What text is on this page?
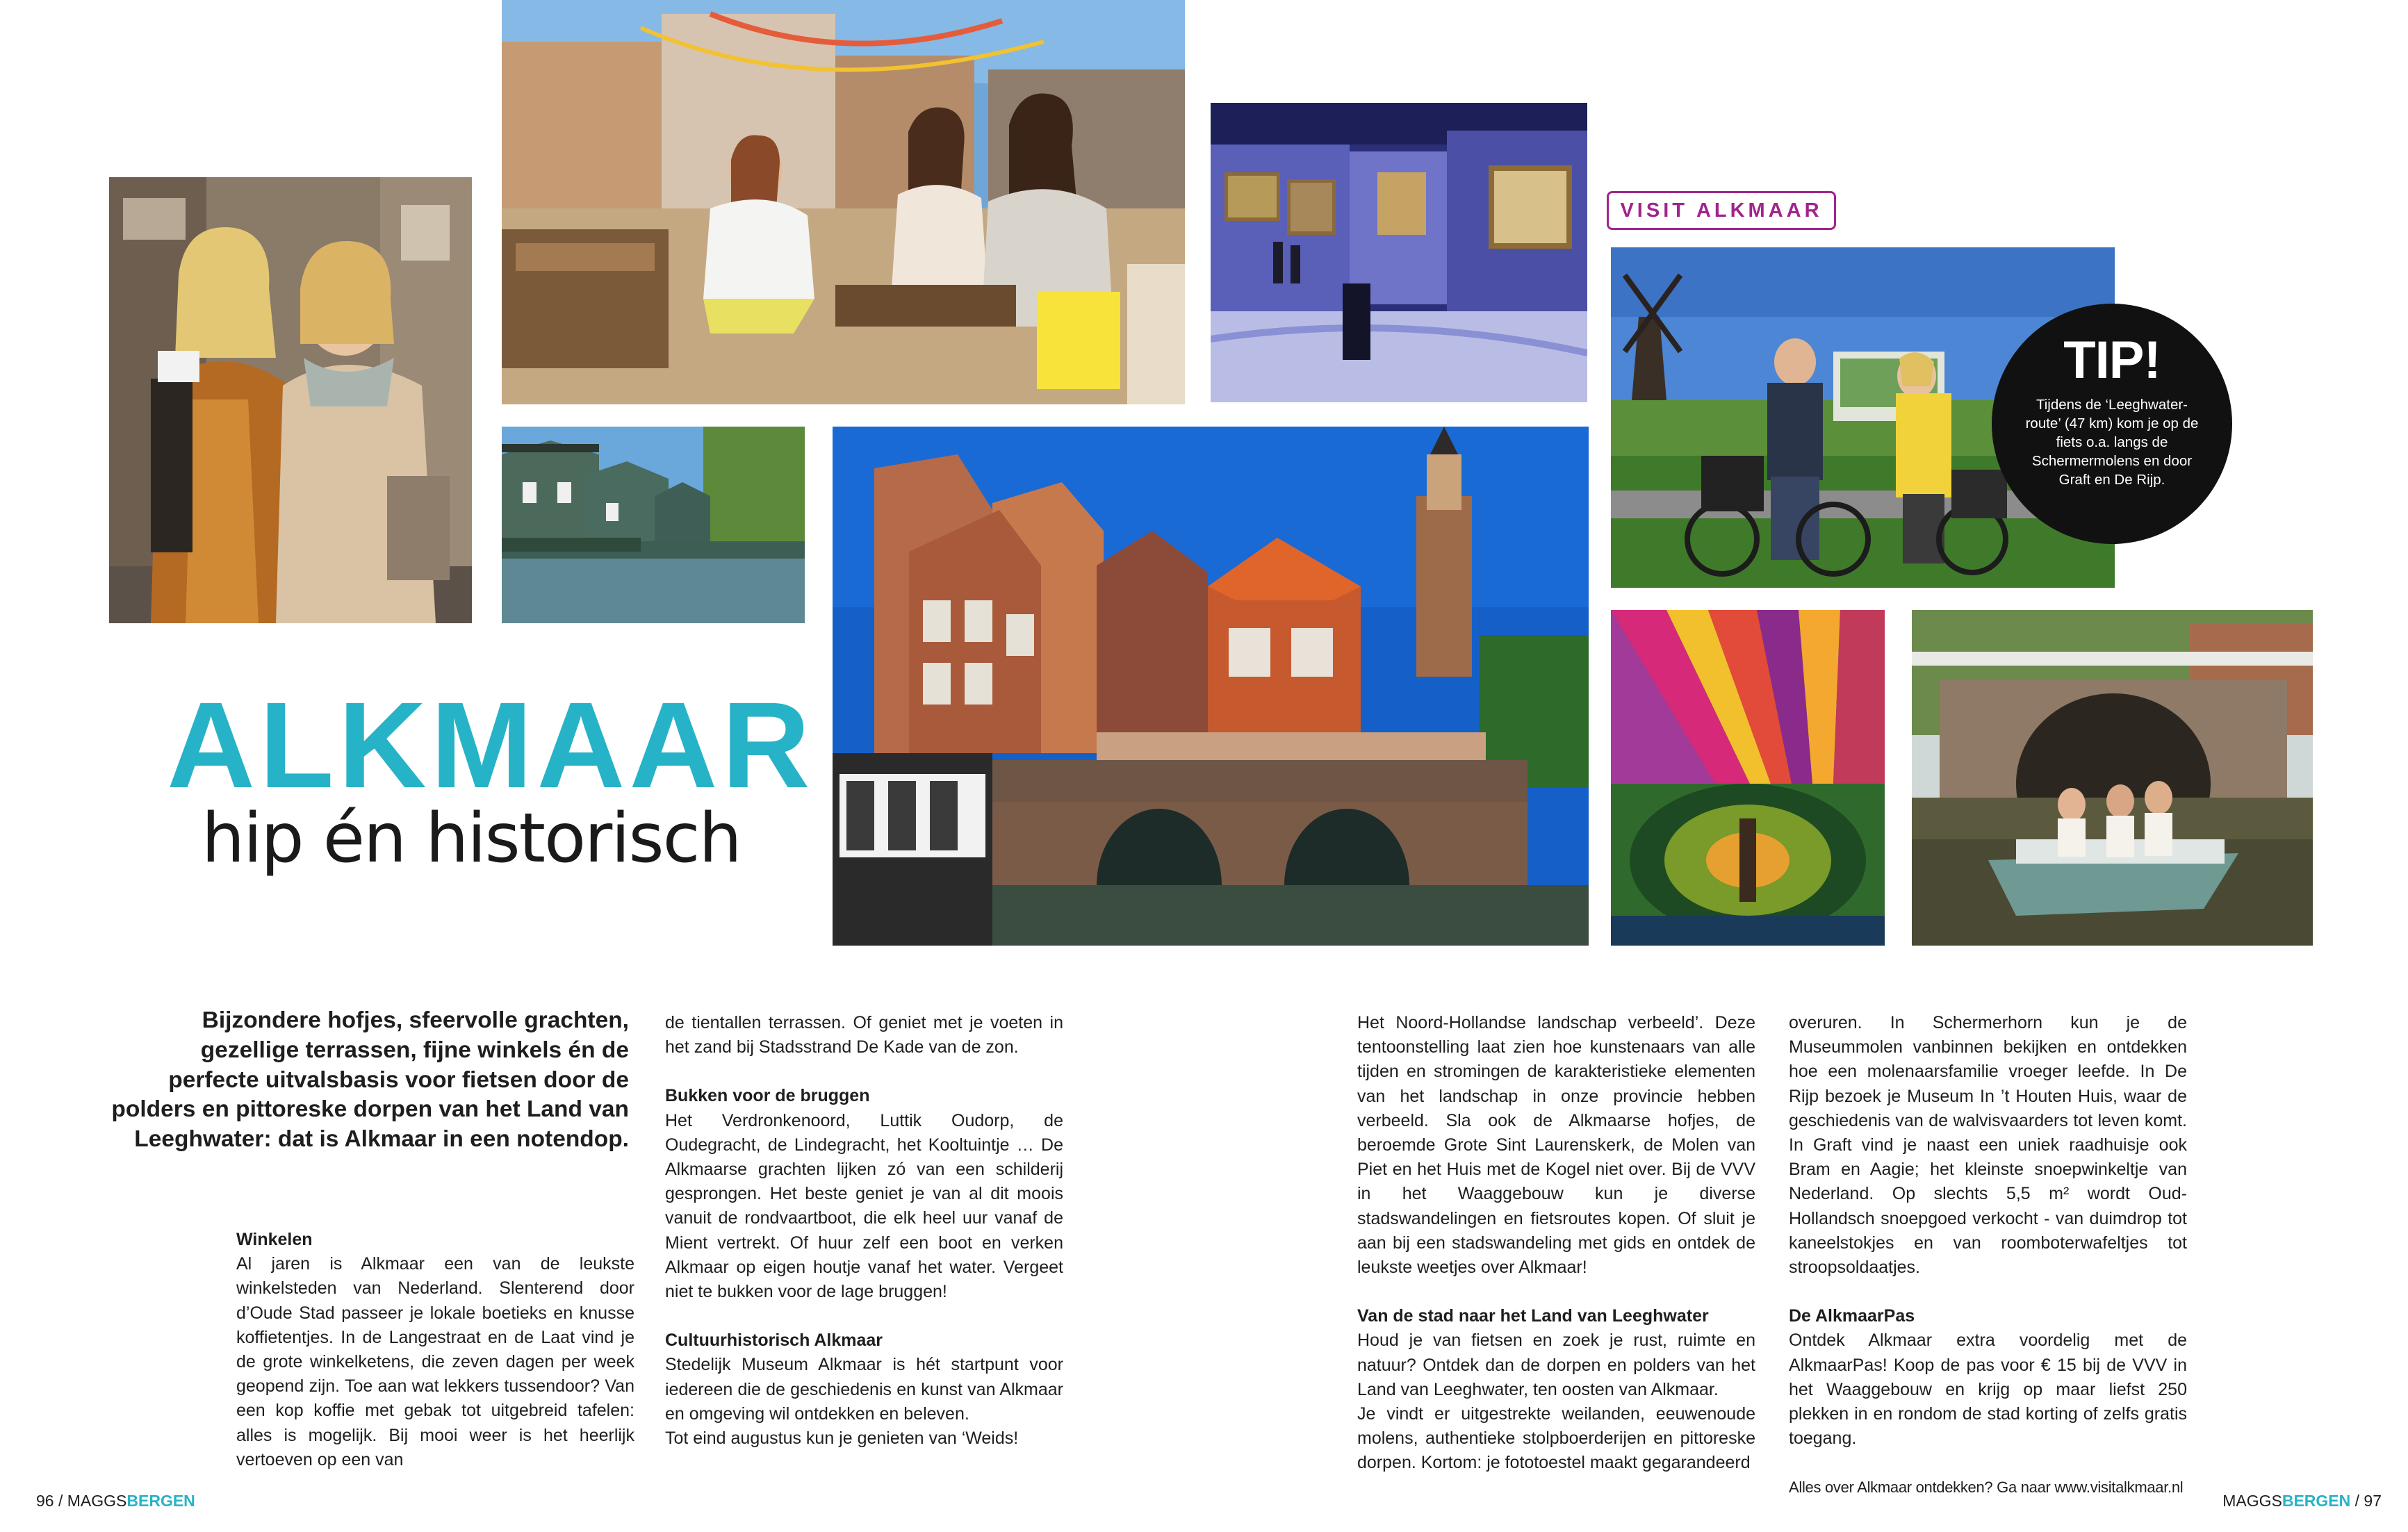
VISIT ALKMAAR
TIP!
Tijdens de ‘Leeghwater-route’ (47 km) kom je op de fiets o.a. langs de Schermermolens en door Graft en De Rijp.
ALKMAAR
hip én historisch
Bijzondere hofjes, sfeervolle grachten, gezellige terrassen, fijne winkels én de perfecte uitvalsbasis voor fietsen door de polders en pittoreske dorpen van het Land van Leeghwater: dat is Alkmaar in een notendop.
Winkelen
Al jaren is Alkmaar een van de leukste winkelsteden van Nederland. Slenterend door d’Oude Stad passeer je lokale boetieks en knusse koffietentjes. In de Langestraat en de Laat vind je de grote winkelketens, die zeven dagen per week geopend zijn. Toe aan wat lekkers tussendoor? Van een kop koffie met gebak tot uitgebreid tafelen: alles is mogelijk. Bij mooi weer is het heerlijk vertoeven op een van
de tientallen terrassen. Of geniet met je voeten in het zand bij Stadsstrand De Kade van de zon.
Bukken voor de bruggen
Het Verdronkenoord, Luttik Oudorp, de Oudegracht, de Lindegracht, het Kooltuintje … De Alkmaarse grachten lijken zó van een schilderij gesprongen. Het beste geniet je van al dit moois vanuit de rondvaartboot, die elk heel uur vanaf de Mient vertrekt. Of huur zelf een boot en verken Alkmaar op eigen houtje vanaf het water. Vergeet niet te bukken voor de lage bruggen!
Cultuurhistorisch Alkmaar
Stedelijk Museum Alkmaar is hét startpunt voor iedereen die de geschiedenis en kunst van Alkmaar en omgeving wil ontdekken en beleven.
Tot eind augustus kun je genieten van ‘Weids!
Het Noord-Hollandse landschap verbeeld’. Deze tentoonstelling laat zien hoe kunstenaars van alle tijden en stromingen de karakteristieke elementen van het landschap in onze provincie hebben verbeeld. Sla ook de Alkmaarse hofjes, de beroemde Grote Sint Laurenskerk, de Molen van Piet en het Huis met de Kogel niet over. Bij de VVV in het Waaggebouw kun je diverse stadswandelingen en fietsroutes kopen. Of sluit je aan bij een stadswandeling met gids en ontdek de leukste weetjes over Alkmaar!
Van de stad naar het Land van Leeghwater
Houd je van fietsen en zoek je rust, ruimte en natuur? Ontdek dan de dorpen en polders van het Land van Leeghwater, ten oosten van Alkmaar.
Je vindt er uitgestrekte weilanden, eeuwenoude molens, authentieke stolpboerderijen en pittoreske dorpen. Kortom: je fototoestel maakt gegarandeerd
overuren. In Schermerhorn kun je de Museummolen vanbinnen bekijken en ontdekken hoe een molenaarsfamilie vroeger leefde. In De Rijp bezoek je Museum In ’t Houten Huis, waar de geschiedenis van de walvisvaarders tot leven komt. In Graft vind je naast een uniek raadhuisje ook Bram en Aagie; het kleinste snoepwinkeltje van Nederland. Op slechts 5,5 m² wordt Oud-Hollandsch snoepgoed verkocht - van duimdrop tot kaneelstokjes en van roomboterwafeltjes tot stroopsoldaatjes.
De AlkmaarPas
Ontdek Alkmaar extra voordelig met de AlkmaarPas! Koop de pas voor € 15 bij de VVV in het Waaggebouw en krijg op maar liefst 250 plekken in en rondom de stad korting of zelfs gratis toegang.
Alles over Alkmaar ontdekken? Ga naar www.visitalkmaar.nl
96 / MAGGSBERGEN	MAGGSBERGEN / 97
